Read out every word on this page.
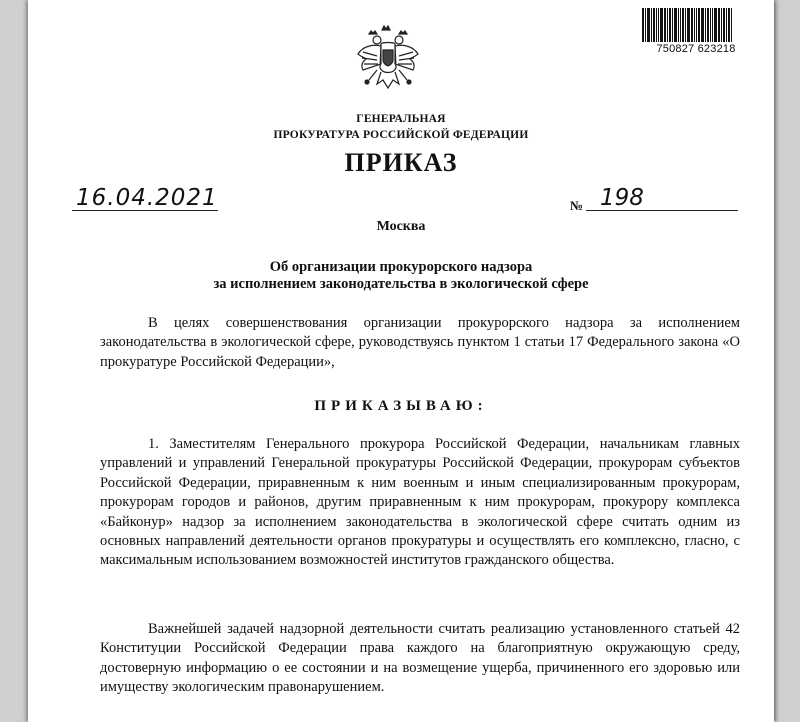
750827 623218
ГЕНЕРАЛЬНАЯ
ПРОКУРАТУРА РОССИЙСКОЙ ФЕДЕРАЦИИ
ПРИКАЗ
16.04.2021	№ 198
Москва
Об организации прокурорского надзора
за исполнением законодательства в экологической сфере

В целях совершенствования организации прокурорского надзора за исполнением законодательства в экологической сфере, руководствуясь пунктом 1 статьи 17 Федерального закона «О прокуратуре Российской Федерации»,

ПРИКАЗЫВАЮ:

1. Заместителям Генерального прокурора Российской Федерации, начальникам главных управлений и управлений Генеральной прокуратуры Российской Федерации, прокурорам субъектов Российской Федерации, приравненным к ним военным и иным специализированным прокурорам, прокурорам городов и районов, другим приравненным к ним прокурорам, прокурору комплекса «Байконур» надзор за исполнением законодательства в экологической сфере считать одним из основных направлений деятельности органов прокуратуры и осуществлять его комплексно, гласно, с максимальным использованием возможностей институтов гражданского общества.

Важнейшей задачей надзорной деятельности считать реализацию установленного статьей 42 Конституции Российской Федерации права каждого на благоприятную окружающую среду, достоверную информацию о ее состоянии и на возмещение ущерба, причиненного его здоровью или имуществу экологическим правонарушением.
